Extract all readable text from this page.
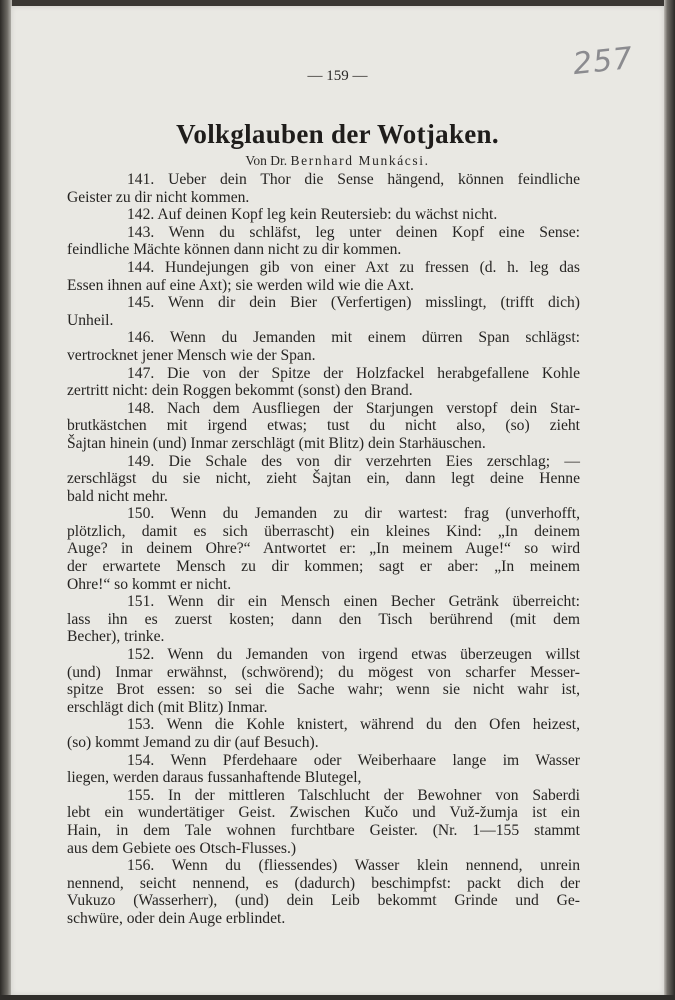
257
— 159 —
Volkglauben der Wotjaken.
Von Dr. Bernhard Munkácsi.
141. Ueber dein Thor die Sense hängend, können feindliche
Geister zu dir nicht kommen.
142. Auf deinen Kopf leg kein Reutersieb: du wächst nicht.
143. Wenn du schläfst, leg unter deinen Kopf eine Sense:
feindliche Mächte können dann nicht zu dir kommen.
144. Hundejungen gib von einer Axt zu fressen (d. h. leg das
Essen ihnen auf eine Axt); sie werden wild wie die Axt.
145. Wenn dir dein Bier (Verfertigen) misslingt, (trifft dich)
Unheil.
146. Wenn du Jemanden mit einem dürren Span schlägst:
vertrocknet jener Mensch wie der Span.
147. Die von der Spitze der Holzfackel herabgefallene Kohle
zertritt nicht: dein Roggen bekommt (sonst) den Brand.
148. Nach dem Ausfliegen der Starjungen verstopf dein Star-
brutkästchen mit irgend etwas; tust du nicht also, (so) zieht
Šajtan hinein (und) Inmar zerschlägt (mit Blitz) dein Starhäuschen.
149. Die Schale des von dir verzehrten Eies zerschlag; —
zerschlägst du sie nicht, zieht Šajtan ein, dann legt deine Henne
bald nicht mehr.
150. Wenn du Jemanden zu dir wartest: frag (unverhofft,
plötzlich, damit es sich überrascht) ein kleines Kind: „In deinem
Auge? in deinem Ohre?“ Antwortet er: „In meinem Auge!“ so wird
der erwartete Mensch zu dir kommen; sagt er aber: „In meinem
Ohre!“ so kommt er nicht.
151. Wenn dir ein Mensch einen Becher Getränk überreicht:
lass ihn es zuerst kosten; dann den Tisch berührend (mit dem
Becher), trinke.
152. Wenn du Jemanden von irgend etwas überzeugen willst
(und) Inmar erwähnst, (schwörend); du mögest von scharfer Messer-
spitze Brot essen: so sei die Sache wahr; wenn sie nicht wahr ist,
erschlägt dich (mit Blitz) Inmar.
153. Wenn die Kohle knistert, während du den Ofen heizest,
(so) kommt Jemand zu dir (auf Besuch).
154. Wenn Pferdehaare oder Weiberhaare lange im Wasser
liegen, werden daraus fussanhaftende Blutegel,
155. In der mittleren Talschlucht der Bewohner von Saberdi
lebt ein wundertätiger Geist. Zwischen Kučo und Vuž-žumja ist ein
Hain, in dem Tale wohnen furchtbare Geister. (Nr. 1—155 stammt
aus dem Gebiete oes Otsch-Flusses.)
156. Wenn du (fliessendes) Wasser klein nennend, unrein
nennend, seicht nennend, es (dadurch) beschimpfst: packt dich der
Vukuzo (Wasserherr), (und) dein Leib bekommt Grinde und Ge-
schwüre, oder dein Auge erblindet.
